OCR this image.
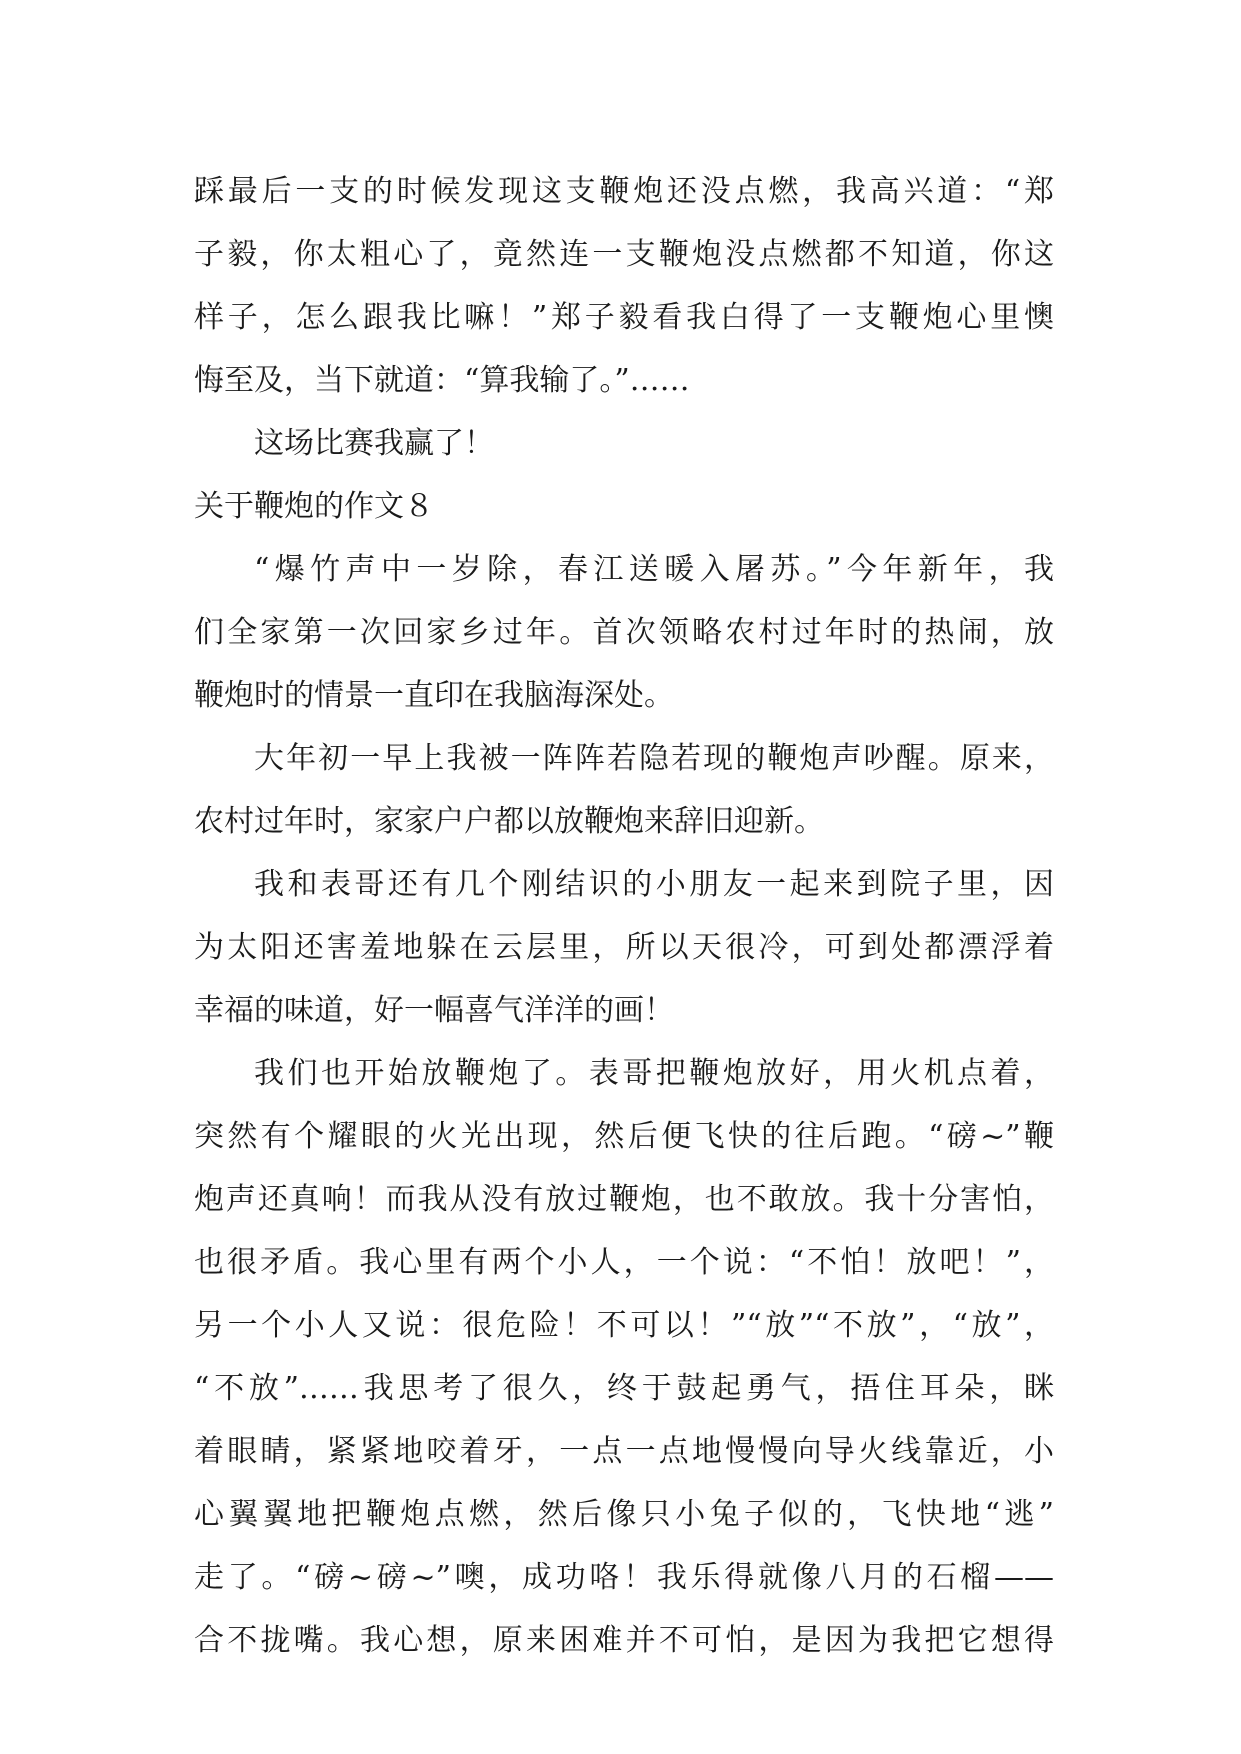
踩最后一支的时候发现这支鞭炮还没点燃，我高兴道：“郑
子毅，你太粗心了，竟然连一支鞭炮没点燃都不知道，你这
样子，怎么跟我比嘛！”郑子毅看我白得了一支鞭炮心里懊
悔至及，当下就道：“算我输了。”……
这场比赛我赢了！
关于鞭炮的作文８
“爆竹声中一岁除，春江送暖入屠苏。”今年新年，我
们全家第一次回家乡过年。首次领略农村过年时的热闹，放
鞭炮时的情景一直印在我脑海深处。
大年初一早上我被一阵阵若隐若现的鞭炮声吵醒。原来，
农村过年时，家家户户都以放鞭炮来辞旧迎新。
我和表哥还有几个刚结识的小朋友一起来到院子里，因
为太阳还害羞地躲在云层里，所以天很冷，可到处都漂浮着
幸福的味道，好一幅喜气洋洋的画！
我们也开始放鞭炮了。表哥把鞭炮放好，用火机点着，
突然有个耀眼的火光出现，然后便飞快的往后跑。“磅~”鞭
炮声还真响！而我从没有放过鞭炮，也不敢放。我十分害怕，
也很矛盾。我心里有两个小人，一个说：“不怕！放吧！”，
另一个小人又说：很危险！不可以！”“放”“不放”，“放”，
“不放”……我思考了很久，终于鼓起勇气，捂住耳朵，眯
着眼睛，紧紧地咬着牙，一点一点地慢慢向导火线靠近，小
心翼翼地把鞭炮点燃，然后像只小兔子似的，飞快地“逃”
走了。“磅~磅~”噢，成功咯！我乐得就像八月的石榴——
合不拢嘴。我心想，原来困难并不可怕，是因为我把它想得
